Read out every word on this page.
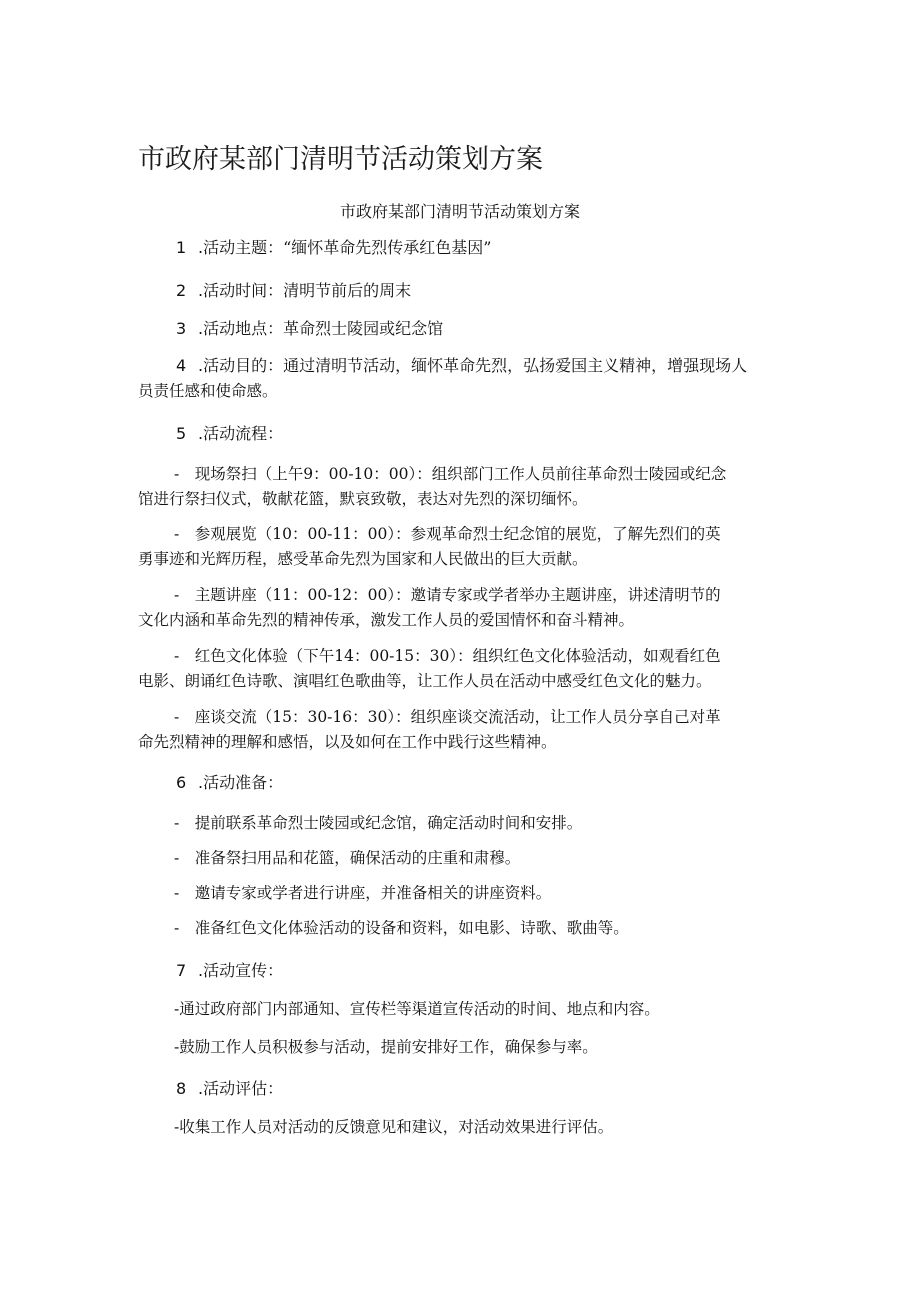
市政府某部门清明节活动策划方案
市政府某部门清明节活动策划方案
1 .活动主题：“缅怀革命先烈传承红色基因”
2 .活动时间：清明节前后的周末
3 .活动地点：革命烈士陵园或纪念馆
4 .活动目的：通过清明节活动，缅怀革命先烈，弘扬爱国主义精神，增强现场人
员责任感和使命感。
5 .活动流程：
-　现场祭扫（上午9：00-10：00）：组织部门工作人员前往革命烈士陵园或纪念
馆进行祭扫仪式，敬献花篮，默哀致敬，表达对先烈的深切缅怀。
-　参观展览（10：00-11：00）：参观革命烈士纪念馆的展览，了解先烈们的英
勇事迹和光辉历程，感受革命先烈为国家和人民做出的巨大贡献。
-　主题讲座（11：00-12：00）：邀请专家或学者举办主题讲座，讲述清明节的
文化内涵和革命先烈的精神传承，激发工作人员的爱国情怀和奋斗精神。
-　红色文化体验（下午14：00-15：30）：组织红色文化体验活动，如观看红色
电影、朗诵红色诗歌、演唱红色歌曲等，让工作人员在活动中感受红色文化的魅力。
-　座谈交流（15：30-16：30）：组织座谈交流活动，让工作人员分享自己对革
命先烈精神的理解和感悟，以及如何在工作中践行这些精神。
6 .活动准备：
-　提前联系革命烈士陵园或纪念馆，确定活动时间和安排。
-　准备祭扫用品和花篮，确保活动的庄重和肃穆。
-　邀请专家或学者进行讲座，并准备相关的讲座资料。
-　准备红色文化体验活动的设备和资料，如电影、诗歌、歌曲等。
7 .活动宣传：
-通过政府部门内部通知、宣传栏等渠道宣传活动的时间、地点和内容。
-鼓励工作人员积极参与活动，提前安排好工作，确保参与率。
8 .活动评估：
-收集工作人员对活动的反馈意见和建议，对活动效果进行评估。
